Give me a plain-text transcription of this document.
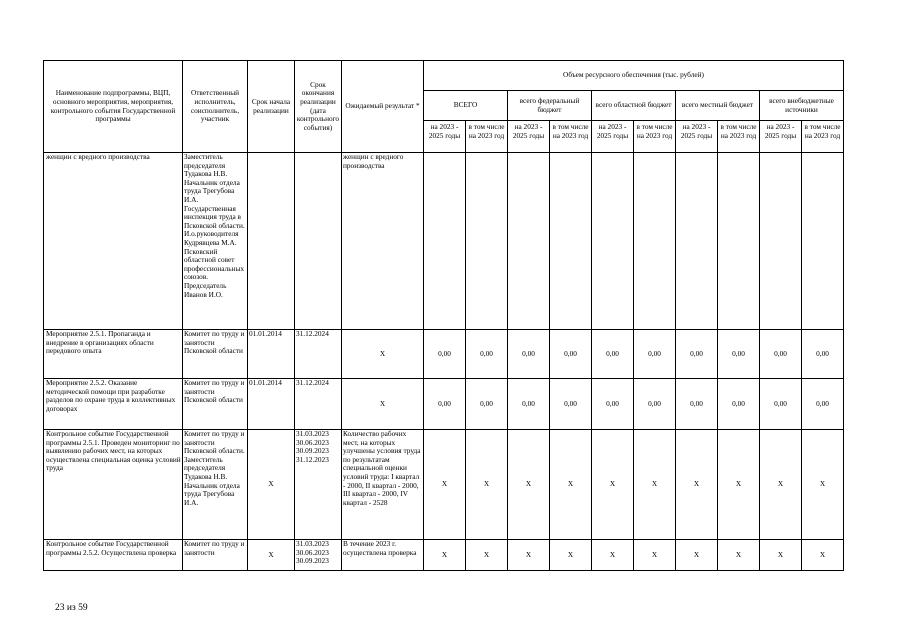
Наименование подпрограммы, ВЦП, основного мероприятия, мероприятия, контрольного события Государственной программы	Ответственный исполнитель, соисполнитель, участник	Срок начала реализации	Срок окончания реализации (дата контрольного события)	Ожидаемый результат *	Объем ресурсного обеспечения (тыс. рублей)									
					ВСЕГО		всего федеральный бюджет		всего областной бюджет		всего местный бюджет		всего внебюджетные источники	
					на 2023 - 2025 годы	в том числе на 2023 год	на 2023 - 2025 годы	в том числе на 2023 год	на 2023 - 2025 годы	в том числе на 2023 год	на 2023 - 2025 годы	в том числе на 2023 год	на 2023 - 2025 годы	в том числе на 2023 год
женщин с вредного производства	Заместитель председателя Тудакова Н.В. Начальник отдела труда Трегубова И.А. Государственная инспекция труда в Псковской области. И.о.руководителя Кудрявцева М.А. Псковский областной совет профессиональных союзов. Председатель Иванов И.О.			женщин с вредного производства										
Мероприятие 2.5.1. Пропаганда и внедрение в организациях области передового опыта	Комитет по труду и занятости Псковской области	01.01.2014	31.12.2024	X	0,00	0,00	0,00	0,00	0,00	0,00	0,00	0,00	0,00	0,00
Мероприятие 2.5.2. Оказание методической помощи при разработке разделов по охране труда в коллективных договорах	Комитет по труду и занятости Псковской области	01.01.2014	31.12.2024	X	0,00	0,00	0,00	0,00	0,00	0,00	0,00	0,00	0,00	0,00
Контрольное событие Государственной программы 2.5.1. Проведен мониторинг по выявлению рабочих мест, на которых осуществлена специальная оценка условий труда	Комитет по труду и занятости Псковской области. Заместитель председателя Тудакова Н.В. Начальник отдела труда Трегубова И.А.	X	31.03.2023 30.06.2023 30.09.2023 31.12.2023	Количество рабочих мест, на которых улучшены условия труда по результатам специальной оценки условий труда: I квартал - 2000, II квартал - 2000, III квартал - 2000, IV квартал - 2528	X	X	X	X	X	X	X	X	X	X
Контрольное событие Государственной программы 2.5.2. Осуществлена проверка	Комитет по труду и занятости	X	31.03.2023 30.06.2023 30.09.2023	В течение 2023 г. осуществлена проверка	X	X	X	X	X	X	X	X	X	X
23 из 59
